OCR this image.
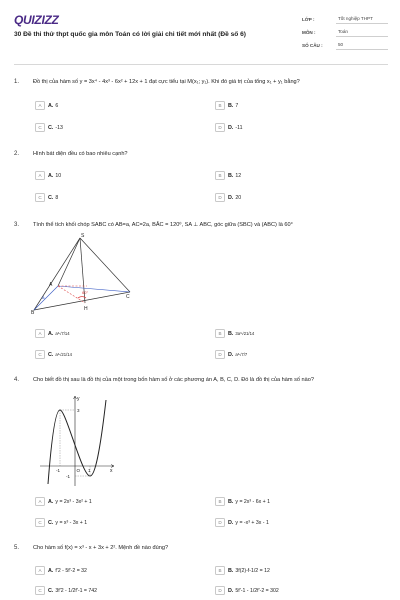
QUIZIZZ
30 Đề thi thử thpt quốc gia môn Toán có lời giải chi tiết mới nhất (Đề số 6)
LỚP :	Tốt nghiệp THPT
MÔN :	Toán
SỐ CÂU :	50
1. Đồ thị của hàm số y = 3x⁴ - 4x³ - 6x² + 12x + 1 đạt cực tiểu tại M(x₁; y₁). Khi đó giá trị của tổng x₁ + y₁ bằng?
A	A. 6	B	B. 7
C	C. -13	D	D. -11
2. Hình bát diện đều có bao nhiêu cạnh?
A	A. 10	B	B. 12
C	C. 8	D	D. 20
3. Tính thể tích khối chóp SABC có AB=a, AC=2a, BÂC = 120⁰, SA ⊥ ABC, góc giữa (SBC) và (ABC) là 60°
S
A
B
C
H
a
60°
A	A. a³√7/14	B	B. 3a³√21/14
C	C. a³√21/14	D	D. a³√7/7
4. Cho biết đồ thị sau là đồ thị của một trong bốn hàm số ở các phương án A, B, C, D. Đó là đồ thị của hàm số nào?
y
x
O
3
-1	1
-1
A	A. y = 2x³ - 3x² + 1	B	B. y = 2x³ - 6x + 1
C	C. y = x³ - 3x + 1	D	D. y = -x³ + 3x - 1
5. Cho hàm số f(x) = x³ - x + 3x + 2². Mệnh đề nào đúng?
A	A. f'2 - 5f'-2 = 32	B	B. 3f(2)-f-1/2 = 12
C	C. 3f'2 - 1/2f'-1 = 742	D	D. 5f'-1 - 1/2f'-2 = 302
